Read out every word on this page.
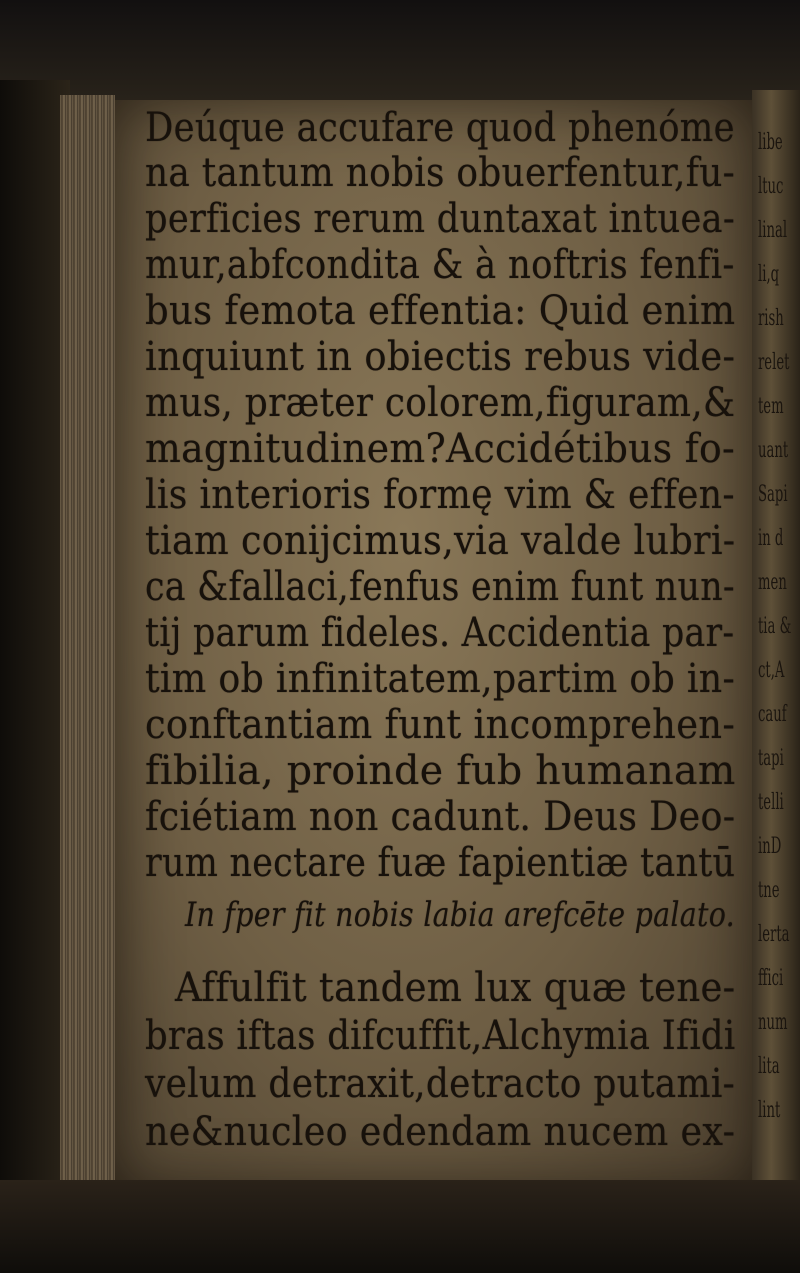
libe
ltuc
linal
li,q
rish
relet
tem
uant
Sapi
in d
men
tia &
ct,A
cauf
tapi
telli
inD
tne
lerta
ffici
num
lita
lint
Deúque accufare quod phenóme
na tantum nobis obuerfentur,fu-
perficies rerum duntaxat intuea-
mur,abfcondita & à noftris fenfi-
bus femota effentia: Quid enim
inquiunt in obiectis rebus vide-
mus, præter colorem,figuram,&
magnitudinem?Accidétibus fo-
lis interioris formę vim & effen-
tiam conijcimus,via valde lubri-
ca &fallaci,fenfus enim funt nun-
tij parum fideles. Accidentia par-
tim ob infinitatem,partim ob in-
conftantiam funt incomprehen-
fibilia, proinde fub humanam
fciétiam non cadunt. Deus Deo-
rum nectare fuæ fapientiæ tantū
In fper fit nobis labia arefcēte palato.
Affulfit tandem lux quæ tene-
bras iftas difcuffit,Alchymia Ifidi
velum detraxit,detracto putami-
ne&nucleo edendam nucem ex-
